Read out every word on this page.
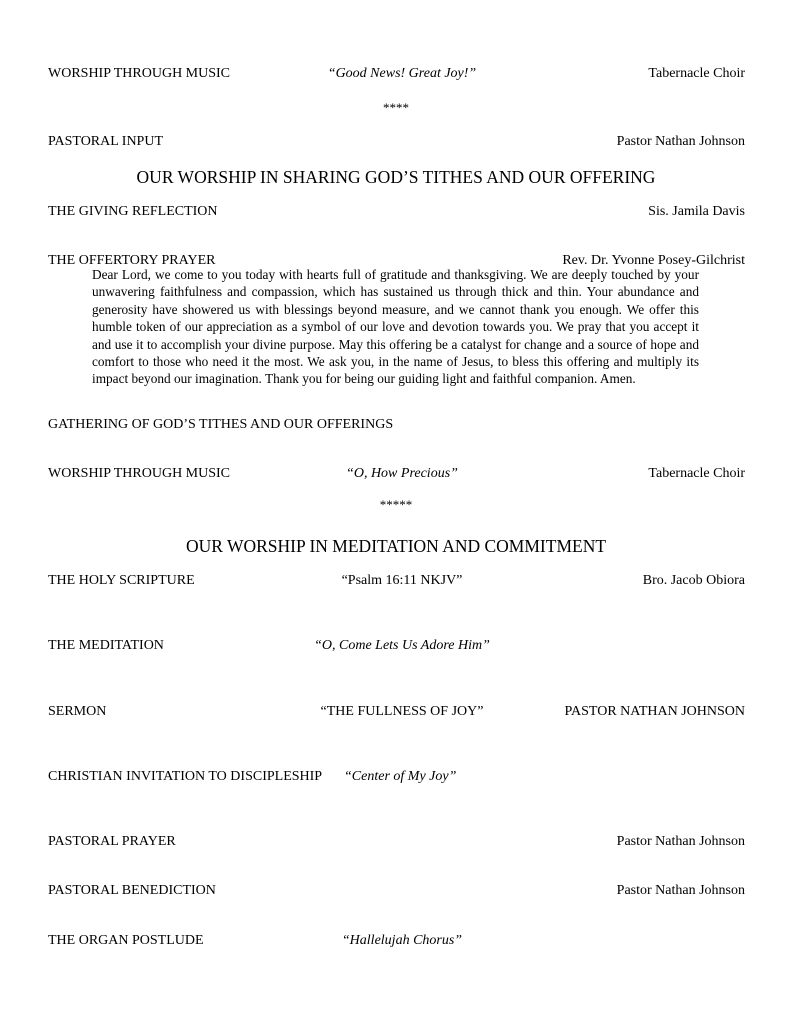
WORSHIP THROUGH MUSIC	“Good News! Great Joy!”	Tabernacle Choir
****
PASTORAL INPUT	Pastor Nathan Johnson
OUR WORSHIP IN SHARING GOD’S TITHES AND OUR OFFERING
THE GIVING REFLECTION	Sis. Jamila Davis
THE OFFERTORY PRAYER	Rev. Dr. Yvonne Posey-Gilchrist
Dear Lord, we come to you today with hearts full of gratitude and thanksgiving. We are deeply touched by your unwavering faithfulness and compassion, which has sustained us through thick and thin. Your abundance and generosity have showered us with blessings beyond measure, and we cannot thank you enough. We offer this humble token of our appreciation as a symbol of our love and devotion towards you. We pray that you accept it and use it to accomplish your divine purpose. May this offering be a catalyst for change and a source of hope and comfort to those who need it the most. We ask you, in the name of Jesus, to bless this offering and multiply its impact beyond our imagination. Thank you for being our guiding light and faithful companion. Amen.
GATHERING OF GOD’S TITHES AND OUR OFFERINGS
WORSHIP THROUGH MUSIC	“O, How Precious”	Tabernacle Choir
*****
OUR WORSHIP IN MEDITATION AND COMMITMENT
THE HOLY SCRIPTURE	“Psalm 16:11 NKJV”	Bro. Jacob Obiora
THE MEDITATION	“O, Come Lets Us Adore Him”
SERMON	“THE FULLNESS OF JOY”	PASTOR NATHAN JOHNSON
CHRISTIAN INVITATION TO DISCIPLESHIP “Center of My Joy”
PASTORAL PRAYER	Pastor Nathan Johnson
PASTORAL BENEDICTION	Pastor Nathan Johnson
THE ORGAN POSTLUDE	“Hallelujah Chorus”
